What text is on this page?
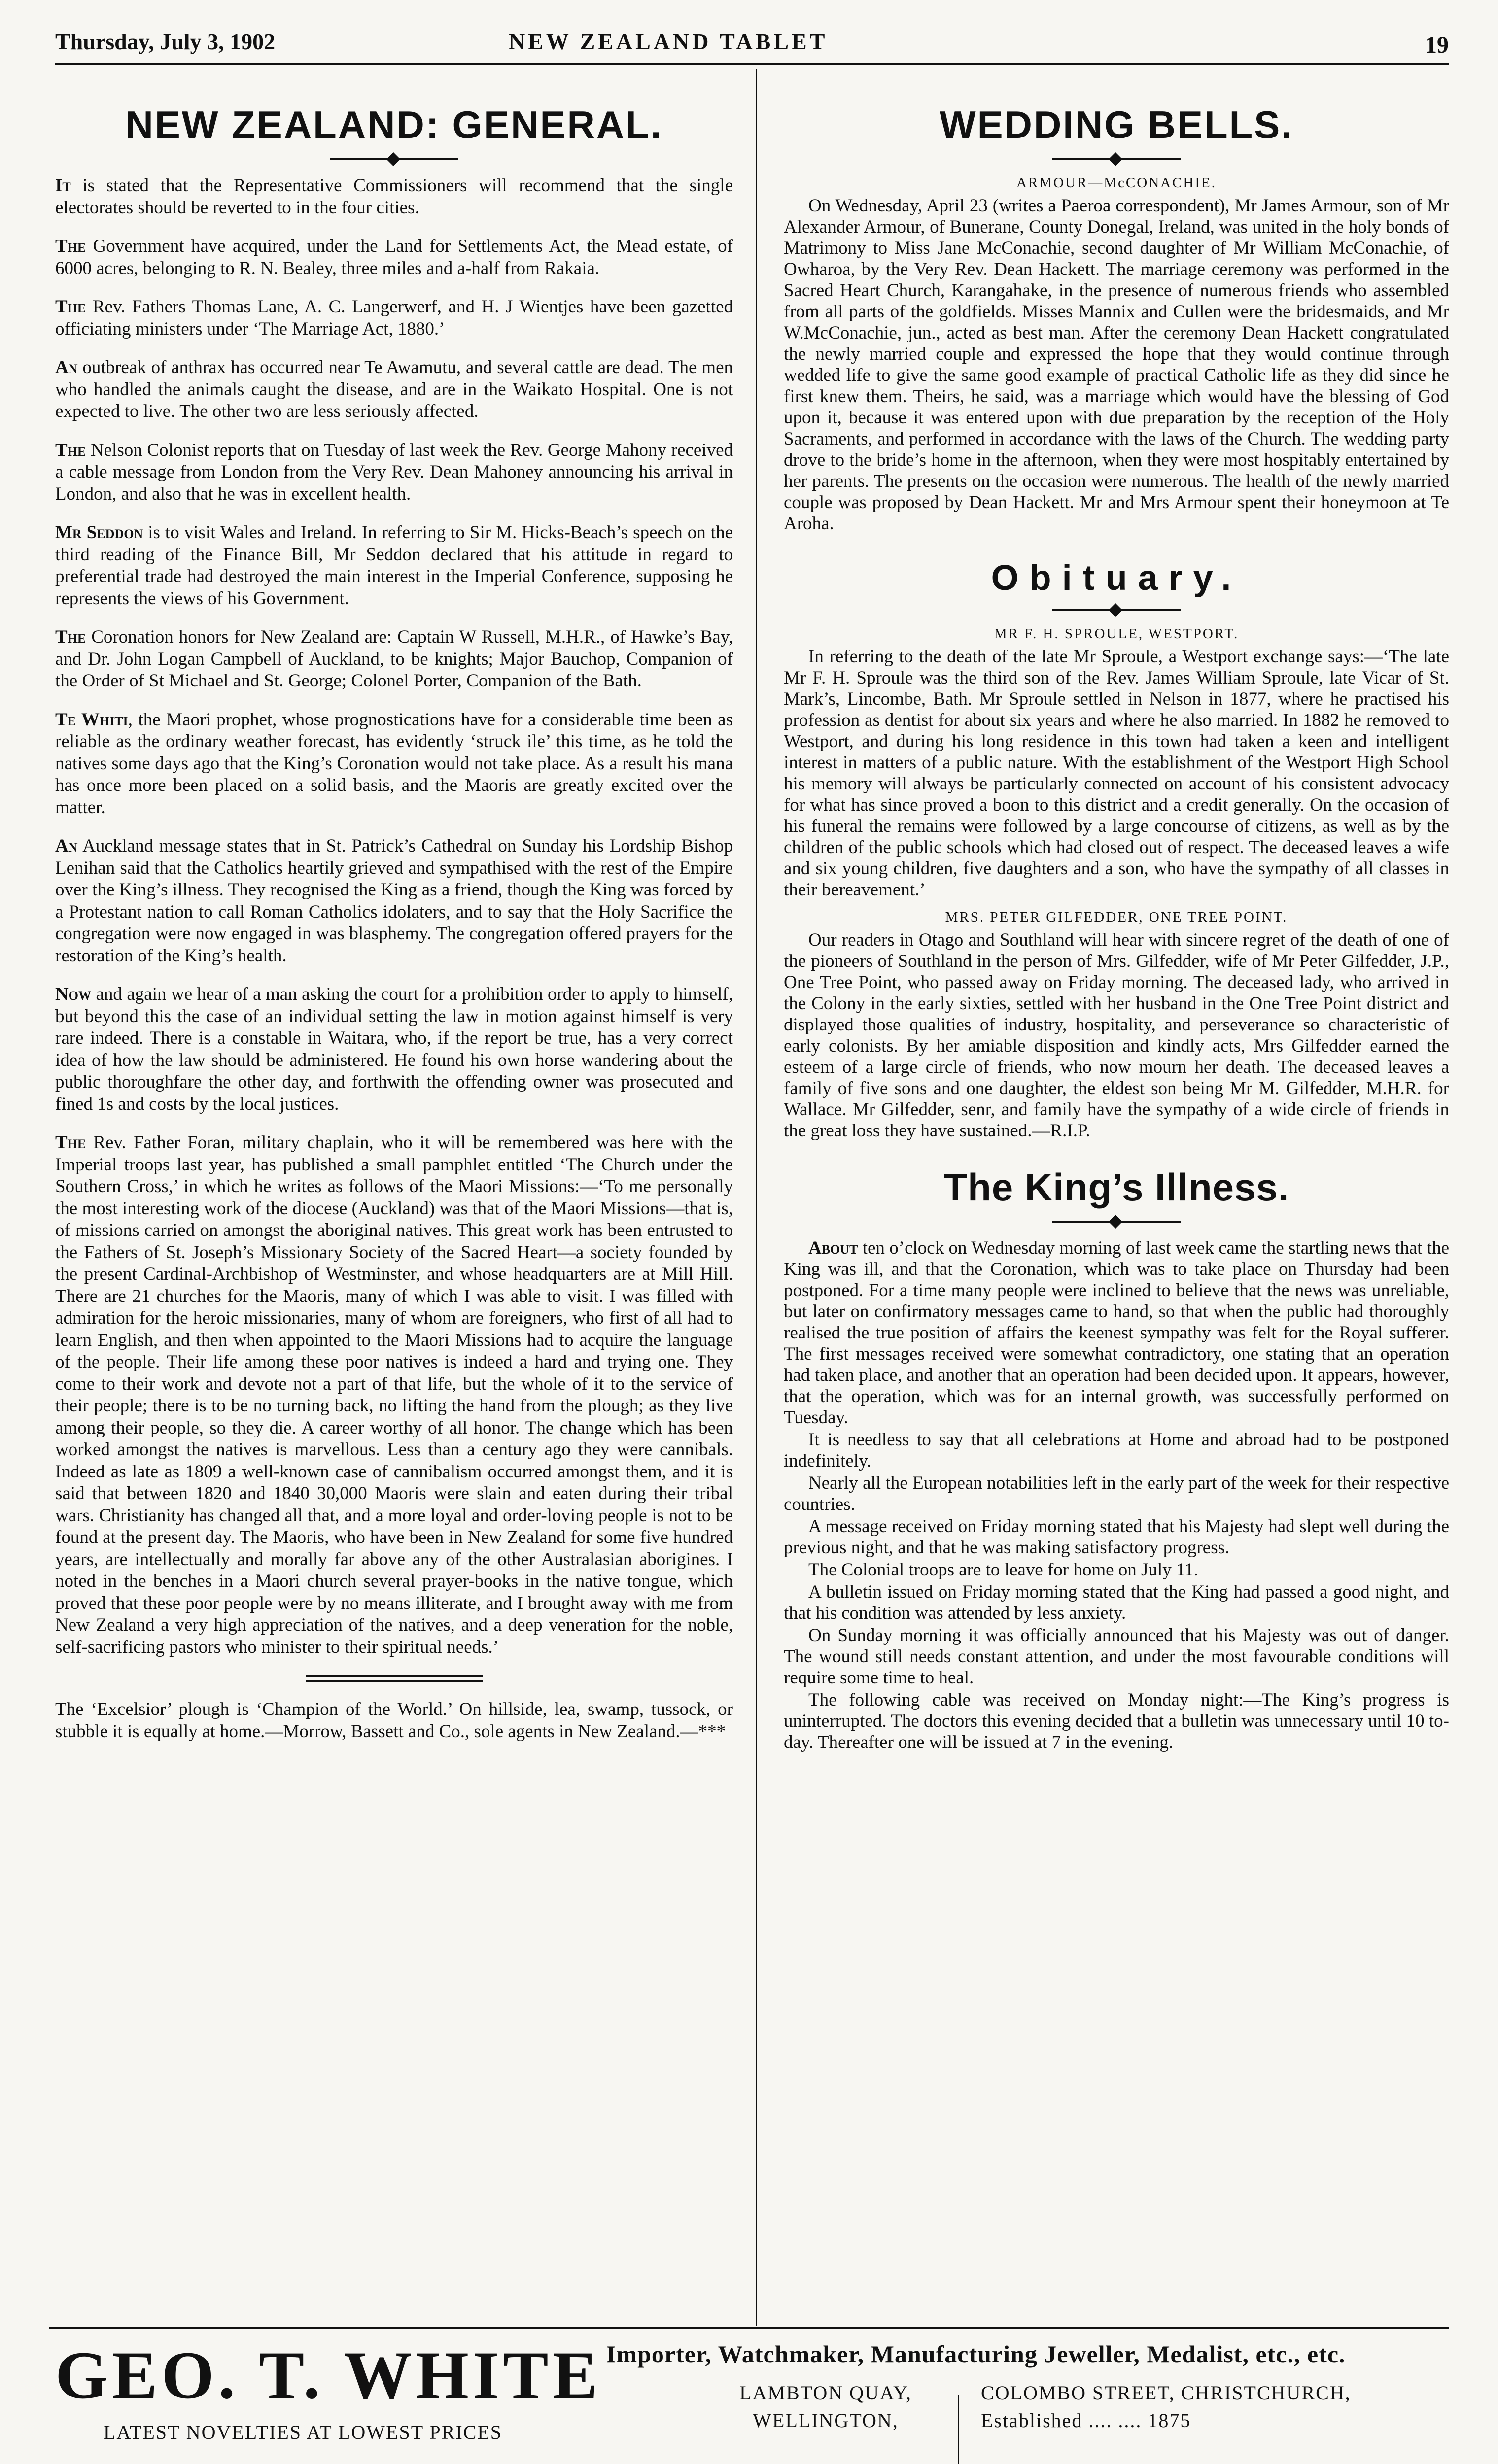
Thursday, July 3, 1902	NEW ZEALAND TABLET	19
NEW ZEALAND: GENERAL.

It is stated that the Representative Commissioners will recommend that the single electorates should be reverted to in the four cities.

The Government have acquired, under the Land for Settlements Act, the Mead estate, of 6000 acres, belonging to R. N. Bealey, three miles and a-half from Rakaia.

The Rev. Fathers Thomas Lane, A. C. Langerwerf, and H. J Wientjes have been gazetted officiating ministers under ‘The Marriage Act, 1880.’

An outbreak of anthrax has occurred near Te Awamutu, and several cattle are dead. The men who handled the animals caught the disease, and are in the Waikato Hospital. One is not expected to live. The other two are less seriously affected.

The Nelson Colonist reports that on Tuesday of last week the Rev. George Mahony received a cable message from London from the Very Rev. Dean Mahoney announcing his arrival in London, and also that he was in excellent health.

Mr Seddon is to visit Wales and Ireland. In referring to Sir M. Hicks-Beach’s speech on the third reading of the Finance Bill, Mr Seddon declared that his attitude in regard to preferential trade had destroyed the main interest in the Imperial Conference, supposing he represents the views of his Government.

The Coronation honors for New Zealand are: Captain W Russell, M.H.R., of Hawke’s Bay, and Dr. John Logan Campbell of Auckland, to be knights; Major Bauchop, Companion of the Order of St Michael and St. George; Colonel Porter, Companion of the Bath.

Te Whiti, the Maori prophet, whose prognostications have for a considerable time been as reliable as the ordinary weather forecast, has evidently ‘struck ile’ this time, as he told the natives some days ago that the King’s Coronation would not take place. As a result his mana has once more been placed on a solid basis, and the Maoris are greatly excited over the matter.

An Auckland message states that in St. Patrick’s Cathedral on Sunday his Lordship Bishop Lenihan said that the Catholics heartily grieved and sympathised with the rest of the Empire over the King’s illness. They recognised the King as a friend, though the King was forced by a Protestant nation to call Roman Catholics idolaters, and to say that the Holy Sacrifice the congregation were now engaged in was blasphemy. The congregation offered prayers for the restoration of the King’s health.

Now and again we hear of a man asking the court for a prohibition order to apply to himself, but beyond this the case of an individual setting the law in motion against himself is very rare indeed. There is a constable in Waitara, who, if the report be true, has a very correct idea of how the law should be administered. He found his own horse wandering about the public thoroughfare the other day, and forthwith the offending owner was prosecuted and fined 1s and costs by the local justices.

The Rev. Father Foran, military chaplain, who it will be remembered was here with the Imperial troops last year, has published a small pamphlet entitled ‘The Church under the Southern Cross,’ in which he writes as follows of the Maori Missions:—‘To me personally the most interesting work of the diocese (Auckland) was that of the Maori Missions—that is, of missions carried on amongst the aboriginal natives. This great work has been entrusted to the Fathers of St. Joseph’s Missionary Society of the Sacred Heart—a society founded by the present Cardinal-Archbishop of Westminster, and whose headquarters are at Mill Hill. There are 21 churches for the Maoris, many of which I was able to visit. I was filled with admiration for the heroic missionaries, many of whom are foreigners, who first of all had to learn English, and then when appointed to the Maori Missions had to acquire the language of the people. Their life among these poor natives is indeed a hard and trying one. They come to their work and devote not a part of that life, but the whole of it to the service of their people; there is to be no turning back, no lifting the hand from the plough; as they live among their people, so they die. A career worthy of all honor. The change which has been worked amongst the natives is marvellous. Less than a century ago they were cannibals. Indeed as late as 1809 a well-known case of cannibalism occurred amongst them, and it is said that between 1820 and 1840 30,000 Maoris were slain and eaten during their tribal wars. Christianity has changed all that, and a more loyal and order-loving people is not to be found at the present day. The Maoris, who have been in New Zealand for some five hundred years, are intellectually and morally far above any of the other Australasian aborigines. I noted in the benches in a Maori church several prayer-books in the native tongue, which proved that these poor people were by no means illiterate, and I brought away with me from New Zealand a very high appreciation of the natives, and a deep veneration for the noble, self-sacrificing pastors who minister to their spiritual needs.’

The ‘Excelsior’ plough is ‘Champion of the World.’ On hillside, lea, swamp, tussock, or stubble it is equally at home.—Morrow, Bassett and Co., sole agents in New Zealand.—***

WEDDING BELLS.
ARMOUR—McCONACHIE.

On Wednesday, April 23 (writes a Paeroa correspondent), Mr James Armour, son of Mr Alexander Armour, of Bunerane, County Donegal, Ireland, was united in the holy bonds of Matrimony to Miss Jane McConachie, second daughter of Mr William McConachie, of Owharoa, by the Very Rev. Dean Hackett. The marriage ceremony was performed in the Sacred Heart Church, Karangahake, in the presence of numerous friends who assembled from all parts of the goldfields. Misses Mannix and Cullen were the bridesmaids, and Mr W.McConachie, jun., acted as best man. After the ceremony Dean Hackett congratulated the newly married couple and expressed the hope that they would continue through wedded life to give the same good example of practical Catholic life as they did since he first knew them. Theirs, he said, was a marriage which would have the blessing of God upon it, because it was entered upon with due preparation by the reception of the Holy Sacraments, and performed in accordance with the laws of the Church. The wedding party drove to the bride’s home in the afternoon, when they were most hospitably entertained by her parents. The presents on the occasion were numerous. The health of the newly married couple was proposed by Dean Hackett. Mr and Mrs Armour spent their honeymoon at Te Aroha.

Obituary.
MR F. H. SPROULE, WESTPORT.

In referring to the death of the late Mr Sproule, a Westport exchange says:—‘The late Mr F. H. Sproule was the third son of the Rev. James William Sproule, late Vicar of St. Mark’s, Lincombe, Bath. Mr Sproule settled in Nelson in 1877, where he practised his profession as dentist for about six years and where he also married. In 1882 he removed to Westport, and during his long residence in this town had taken a keen and intelligent interest in matters of a public nature. With the establishment of the Westport High School his memory will always be particularly connected on account of his consistent advocacy for what has since proved a boon to this district and a credit generally. On the occasion of his funeral the remains were followed by a large concourse of citizens, as well as by the children of the public schools which had closed out of respect. The deceased leaves a wife and six young children, five daughters and a son, who have the sympathy of all classes in their bereavement.’

MRS. PETER GILFEDDER, ONE TREE POINT.

Our readers in Otago and Southland will hear with sincere regret of the death of one of the pioneers of Southland in the person of Mrs. Gilfedder, wife of Mr Peter Gilfedder, J.P., One Tree Point, who passed away on Friday morning. The deceased lady, who arrived in the Colony in the early sixties, settled with her husband in the One Tree Point district and displayed those qualities of industry, hospitality, and perseverance so characteristic of early colonists. By her amiable disposition and kindly acts, Mrs Gilfedder earned the esteem of a large circle of friends, who now mourn her death. The deceased leaves a family of five sons and one daughter, the eldest son being Mr M. Gilfedder, M.H.R. for Wallace. Mr Gilfedder, senr, and family have the sympathy of a wide circle of friends in the great loss they have sustained.—R.I.P.

The King’s Illness.

About ten o’clock on Wednesday morning of last week came the startling news that the King was ill, and that the Coronation, which was to take place on Thursday had been postponed. For a time many people were inclined to believe that the news was unreliable, but later on confirmatory messages came to hand, so that when the public had thoroughly realised the true position of affairs the keenest sympathy was felt for the Royal sufferer. The first messages received were somewhat contradictory, one stating that an operation had taken place, and another that an operation had been decided upon. It appears, however, that the operation, which was for an internal growth, was successfully performed on Tuesday.

It is needless to say that all celebrations at Home and abroad had to be postponed indefinitely.

Nearly all the European notabilities left in the early part of the week for their respective countries.

A message received on Friday morning stated that his Majesty had slept well during the previous night, and that he was making satisfactory progress.

The Colonial troops are to leave for home on July 11.

A bulletin issued on Friday morning stated that the King had passed a good night, and that his condition was attended by less anxiety.

On Sunday morning it was officially announced that his Majesty was out of danger. The wound still needs constant attention, and under the most favourable conditions will require some time to heal.

The following cable was received on Monday night:—The King’s progress is uninterrupted. The doctors this evening decided that a bulletin was unnecessary until 10 to-day. Thereafter one will be issued at 7 in the evening.

GEO. T. WHITE
LATEST NOVELTIES AT LOWEST PRICES
Importer, Watchmaker, Manufacturing Jeweller, Medalist, etc., etc.
LAMBTON QUAY,
WELLINGTON,
COLOMBO STREET, CHRISTCHURCH,
Established .... .... 1875
